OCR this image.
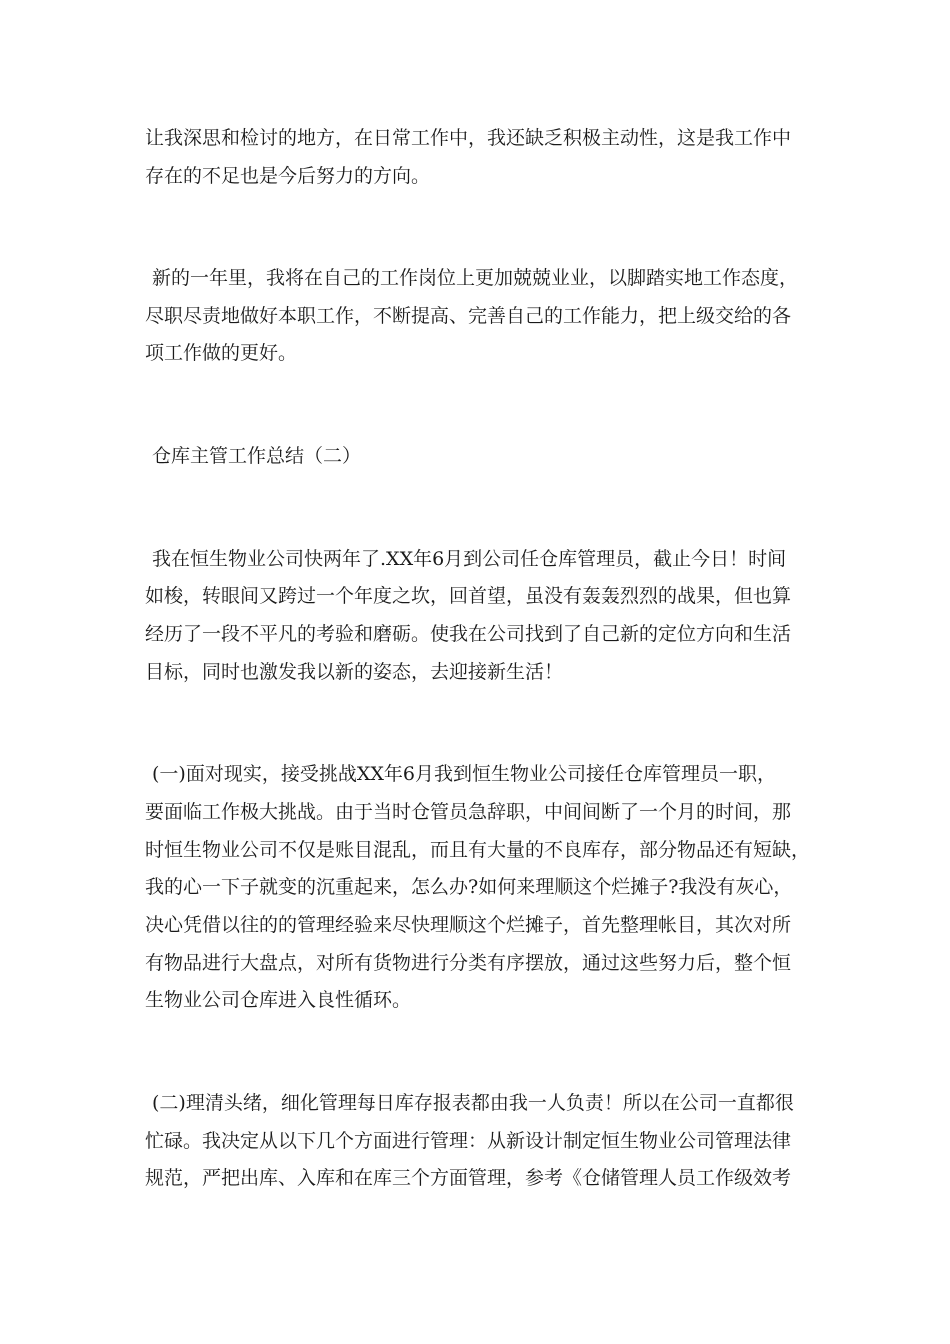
让我深思和检讨的地方，在日常工作中，我还缺乏积极主动性，这是我工作中
存在的不足也是今后努力的方向。
新的一年里，我将在自己的工作岗位上更加兢兢业业，以脚踏实地工作态度，
尽职尽责地做好本职工作，不断提高、完善自己的工作能力，把上级交给的各
项工作做的更好。
仓库主管工作总结（二）
我在恒生物业公司快两年了.XX年6月到公司任仓库管理员，截止今日！时间
如梭，转眼间又跨过一个年度之坎，回首望，虽没有轰轰烈烈的战果，但也算
经历了一段不平凡的考验和磨砺。使我在公司找到了自己新的定位方向和生活
目标，同时也激发我以新的姿态，去迎接新生活！
(一)面对现实，接受挑战XX年6月我到恒生物业公司接任仓库管理员一职，
要面临工作极大挑战。由于当时仓管员急辞职，中间间断了一个月的时间，那
时恒生物业公司不仅是账目混乱，而且有大量的不良库存，部分物品还有短缺，
我的心一下子就变的沉重起来，怎么办?如何来理顺这个烂摊子?我没有灰心，
决心凭借以往的的管理经验来尽快理顺这个烂摊子，首先整理帐目，其次对所
有物品进行大盘点，对所有货物进行分类有序摆放，通过这些努力后，整个恒
生物业公司仓库进入良性循环。
(二)理清头绪，细化管理每日库存报表都由我一人负责！所以在公司一直都很
忙碌。我决定从以下几个方面进行管理：从新设计制定恒生物业公司管理法律
规范，严把出库、入库和在库三个方面管理，参考《仓储管理人员工作级效考
